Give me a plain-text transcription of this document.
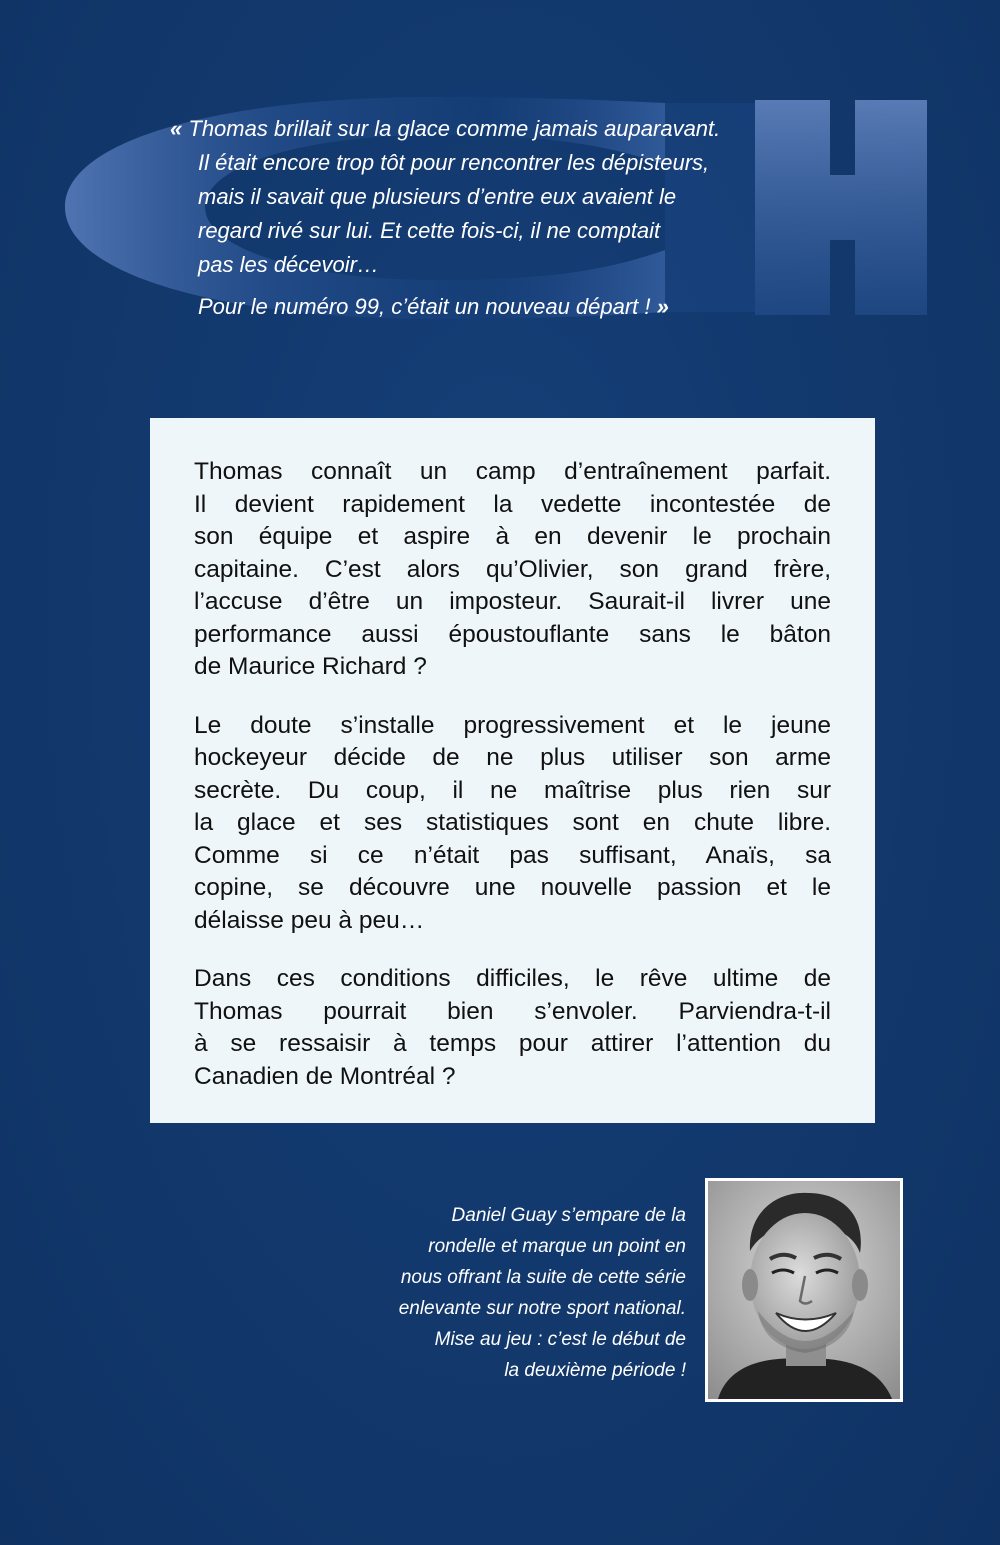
« Thomas brillait sur la glace comme jamais auparavant.
Il était encore trop tôt pour rencontrer les dépisteurs,
mais il savait que plusieurs d’entre eux avaient le
regard rivé sur lui. Et cette fois-ci, il ne comptait
pas les décevoir…

Pour le numéro 99, c’était un nouveau départ ! »

Thomas connaît un camp d’entraînement parfait.
Il devient rapidement la vedette incontestée de
son équipe et aspire à en devenir le prochain
capitaine. C’est alors qu’Olivier, son grand frère,
l’accuse d’être un imposteur. Saurait-il livrer une
performance aussi époustouflante sans le bâton
de Maurice Richard ?

Le doute s’installe progressivement et le jeune
hockeyeur décide de ne plus utiliser son arme
secrète. Du coup, il ne maîtrise plus rien sur
la glace et ses statistiques sont en chute libre.
Comme si ce n’était pas suffisant, Anaïs, sa
copine, se découvre une nouvelle passion et le
délaisse peu à peu…

Dans ces conditions difficiles, le rêve ultime de
Thomas pourrait bien s’envoler. Parviendra-t-il
à se ressaisir à temps pour attirer l’attention du
Canadien de Montréal ?

Daniel Guay s’empare de la
rondelle et marque un point en
nous offrant la suite de cette série
enlevante sur notre sport national.
Mise au jeu : c’est le début de
la deuxième période !
